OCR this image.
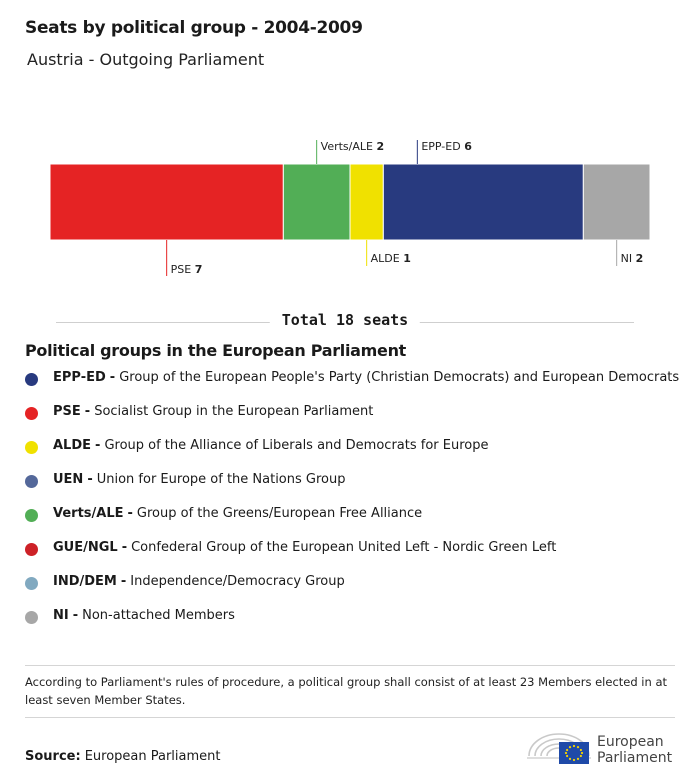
Seats by political group - 2004-2009
Austria - Outgoing Parliament
PSE 7
Verts/ALE 2
ALDE 1
EPP-ED 6
NI 2
Total 18 seats
Political groups in the European Parliament
EPP-ED - Group of the European People's Party (Christian Democrats) and European Democrats
PSE - Socialist Group in the European Parliament
ALDE - Group of the Alliance of Liberals and Democrats for Europe
UEN - Union for Europe of the Nations Group
Verts/ALE - Group of the Greens/European Free Alliance
GUE/NGL - Confederal Group of the European United Left - Nordic Green Left
IND/DEM - Independence/Democracy Group
NI - Non-attached Members
According to Parliament's rules of procedure, a political group shall consist of at least 23 Members elected in at least seven Member States.
Source: European Parliament
European
Parliament
